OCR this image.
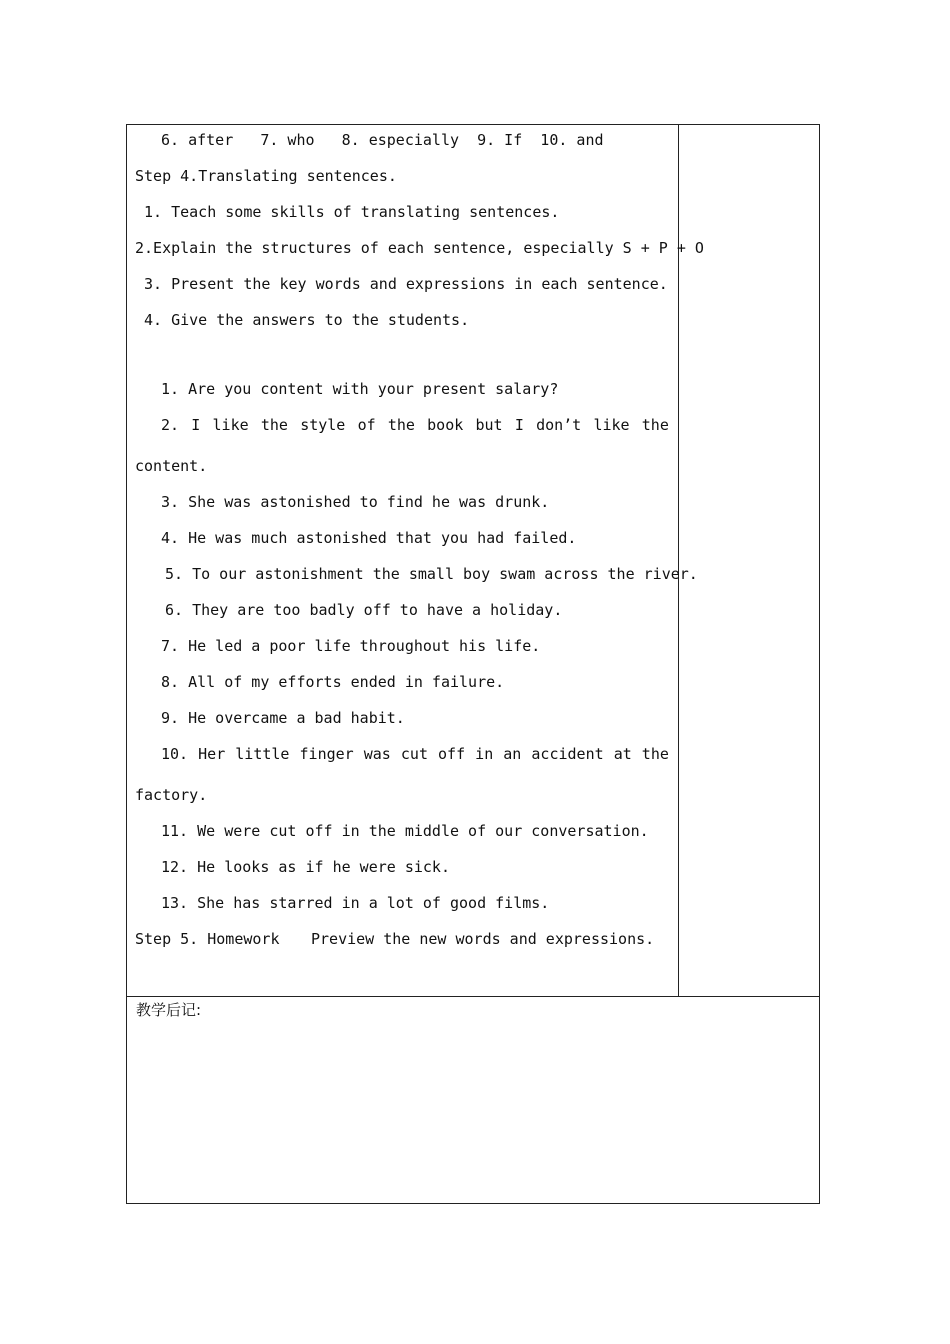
6. after   7. who   8. especially  9. If  10. and
Step 4.Translating sentences.
1. Teach some skills of translating sentences.
2.Explain the structures of each sentence, especially S + P + O
3. Present the key words and expressions in each sentence.
4. Give the answers to the students.
1. Are you content with your present salary?
2. I like the style of the book but I don’t like the
content.
3. She was astonished to find he was drunk.
4. He was much astonished that you had failed.
5. To our astonishment the small boy swam across the river.
6. They are too badly off to have a holiday.
7. He led a poor life throughout his life.
8. All of my efforts ended in failure.
9. He overcame a bad habit.
10. Her little finger was cut off in an accident at the
factory.
11. We were cut off in the middle of our conversation.
12. He looks as if he were sick.
13. She has starred in a lot of good films.
Step 5. Homework Preview the new words and expressions.
教学后记:
